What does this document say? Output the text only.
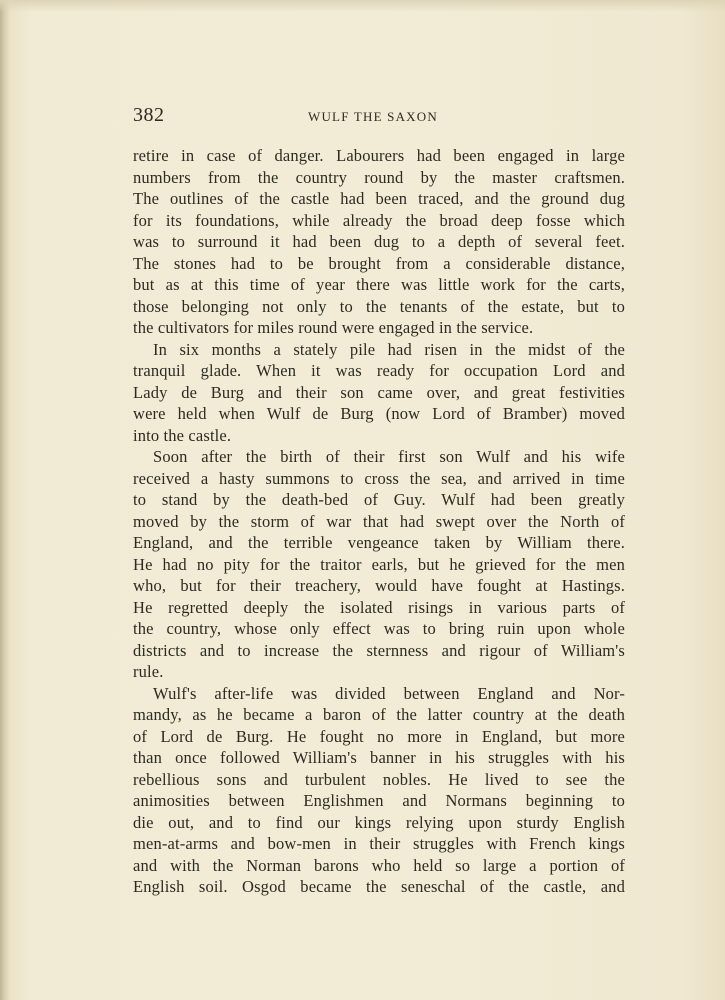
382	WULF THE SAXON
retire in case of danger. Labourers had been engaged in large
numbers from the country round by the master craftsmen.
The outlines of the castle had been traced, and the ground dug
for its foundations, while already the broad deep fosse which
was to surround it had been dug to a depth of several feet.
The stones had to be brought from a considerable distance,
but as at this time of year there was little work for the carts,
those belonging not only to the tenants of the estate, but to
the cultivators for miles round were engaged in the service.
In six months a stately pile had risen in the midst of the
tranquil glade. When it was ready for occupation Lord and
Lady de Burg and their son came over, and great festivities
were held when Wulf de Burg (now Lord of Bramber) moved
into the castle.
Soon after the birth of their first son Wulf and his wife
received a hasty summons to cross the sea, and arrived in time
to stand by the death-bed of Guy. Wulf had been greatly
moved by the storm of war that had swept over the North of
England, and the terrible vengeance taken by William there.
He had no pity for the traitor earls, but he grieved for the men
who, but for their treachery, would have fought at Hastings.
He regretted deeply the isolated risings in various parts of
the country, whose only effect was to bring ruin upon whole
districts and to increase the sternness and rigour of William's
rule.
Wulf's after-life was divided between England and Nor-
mandy, as he became a baron of the latter country at the death
of Lord de Burg. He fought no more in England, but more
than once followed William's banner in his struggles with his
rebellious sons and turbulent nobles. He lived to see the
animosities between Englishmen and Normans beginning to
die out, and to find our kings relying upon sturdy English
men-at-arms and bow-men in their struggles with French kings
and with the Norman barons who held so large a portion of
English soil. Osgod became the seneschal of the castle, and
